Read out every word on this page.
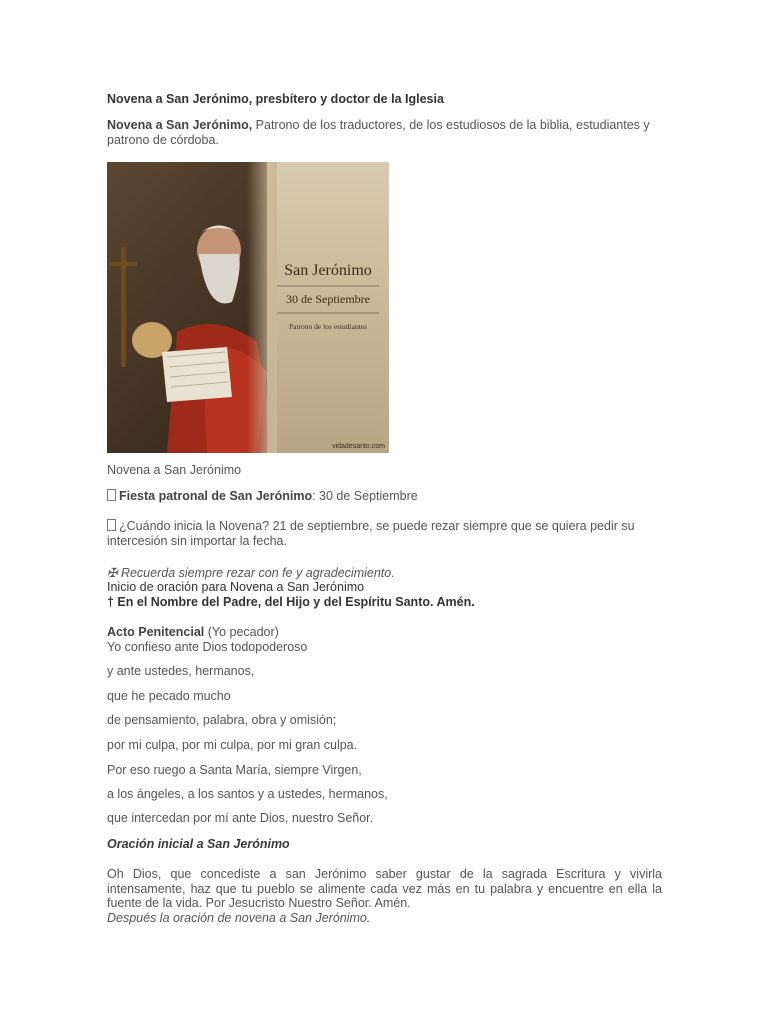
Novena a San Jerónimo, presbítero y doctor de la Iglesia
Novena a San Jerónimo, Patrono de los traductores, de los estudiosos de la biblia, estudiantes y patrono de córdoba.
San Jerónimo
30 de Septiembre
Patrono de los estudiantes
vidadesanto.com
Novena a San Jerónimo
Fiesta patronal de San Jerónimo: 30 de Septiembre
¿Cuándo inicia la Novena? 21 de septiembre, se puede rezar siempre que se quiera pedir su intercesión sin importar la fecha.
✠ Recuerda siempre rezar con fe y agradecimiento.
Inicio de oración para Novena a San Jerónimo
† En el Nombre del Padre, del Hijo y del Espíritu Santo. Amén.
Acto Penitencial (Yo pecador)
Yo confieso ante Dios todopoderoso
y ante ustedes, hermanos,
que he pecado mucho
de pensamiento, palabra, obra y omisión;
por mi culpa, por mi culpa, por mi gran culpa.
Por eso ruego a Santa María, siempre Virgen,
a los ángeles, a los santos y a ustedes, hermanos,
que intercedan por mí ante Dios, nuestro Señor.
Oración inicial a San Jerónimo
Oh Dios, que concediste a san Jerónimo saber gustar de la sagrada Escritura y vivirla intensamente, haz que tu pueblo se alimente cada vez más en tu palabra y encuentre en ella la fuente de la vida. Por Jesucristo Nuestro Señor. Amén.
Después la oración de novena a San Jerónimo.
